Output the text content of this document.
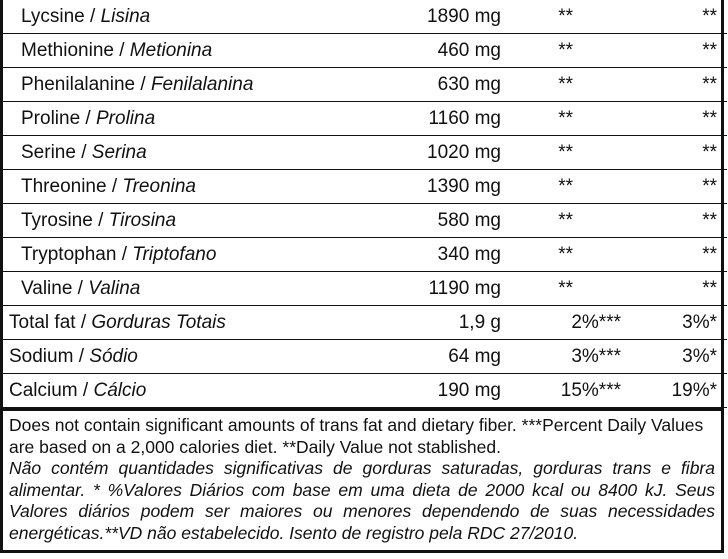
Lycsine / Lisina	1890 mg	**	**
Methionine / Metionina	460 mg	**	**
Phenilalanine / Fenilalanina	630 mg	**	**
Proline / Prolina	1160 mg	**	**
Serine / Serina	1020 mg	**	**
Threonine / Treonina	1390 mg	**	**
Tyrosine / Tirosina	580 mg	**	**
Tryptophan / Triptofano	340 mg	**	**
Valine / Valina	1190 mg	**	**
Total fat / Gorduras Totais	1,9 g	2%***	3%*
Sodium / Sódio	64 mg	3%***	3%*
Calcium / Cálcio	190 mg	15%***	19%*

Does not contain significant amounts of trans fat and dietary fiber. ***Percent Daily Values are based on a 2,000 calories diet. **Daily Value not stablished.

Não contém quantidades significativas de gorduras saturadas, gorduras trans e fibra alimentar. * %Valores Diários com base em uma dieta de 2000 kcal ou 8400 kJ. Seus Valores diários podem ser maiores ou menores dependendo de suas necessidades energéticas.**VD não estabelecido. Isento de registro pela RDC 27/2010.
